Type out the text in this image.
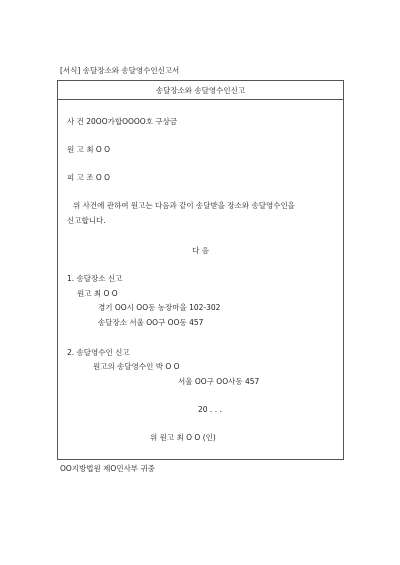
[서식] 송달장소와 송달영수인신고서
송달장소와 송달영수인신고
사 건 20OO가합OOOO호 구상금
원 고 최 O O
피 고 조 O O
위 사건에 관하여 원고는 다음과 같이 송달받을 장소와 송달영수인을
신고합니다.
다 음
1. 송달장소 신고
원고 최 O O
경기 OO시 OO동 농장마을 102-302
송달장소 서울 OO구 OO동 457
2. 송달영수인 신고
원고의 송달영수인 박 O O
서울 OO구 OO사동 457
20 . . .
위 원고 최 O O (인)
OO지방법원 제O민사부 귀중
